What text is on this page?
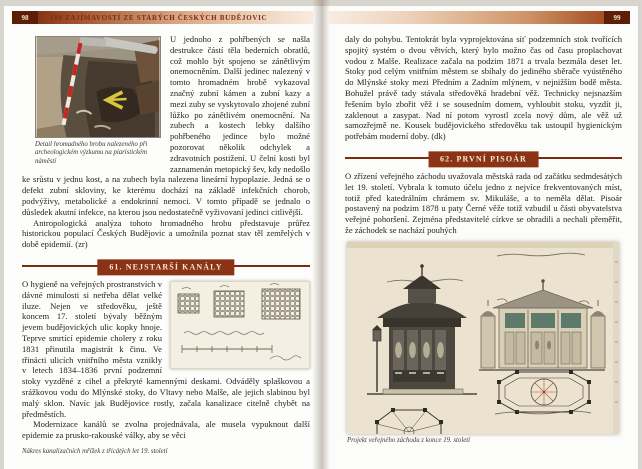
98	100 ZAJÍMAVOSTÍ ZE STARÝCH ČESKÝCH BUDĚJOVIC
Detail hromadného hrobu nalezeného při archeologickém výzkumu na piaristickém náměstí

U jednoho z pohřbených se našla destrukce částí těla bederních obratlů, což mohlo být spojeno se zánětlivým onemocněním. Další jedinec nalezený v tomto hromadném hrobě vykazoval značný zubní kámen a zubní kazy a mezi zuby se vyskytovalo zhojené zubní lůžko po zánětlivém onemocnění. Na zubech a kostech lebky dalšího pohřbeného jedince bylo možné pozorovat několik odchylek a zdravotních postižení. U čelní kosti byl zaznamenán metopický šev, kdy nedošlo ke srůstu v jednu kost, a na zubech byla nalezena lineární hypoplazie. Jedná se o defekt zubní skloviny, ke kterému dochází na základě infekčních chorob, podvýživy, metabolické a endokrinní nemoci. V tomto případě se jednalo o důsledek akutní infekce, na kterou jsou nedostatečně vyživovaní jedinci citlivější.

Antropologická analýza tohoto hromadného hrobu představuje průřez historickou populací Českých Budějovic a umožnila poznat stav těl zemřelých v době epidemií. (zr)

61. NEJSTARŠÍ KANÁLY

O hygieně na veřejných prostranstvích v dávné minulosti si netřeba dělat velké iluze. Nejen ve středověku, ještě koncem 17. století bývaly běžným jevem budějovických ulic kopky hnoje. Teprve smrtící epidemie cholery z roku 1831 přinutila magistrát k činu. Ve třinácti ulicích vnitřního města vznikly v letech 1834–1836 první podzemní stoky vyzděné z cihel a překryté kamennými deskami. Odváděly splaškovou a srážkovou vodu do Mlýnské stoky, do Vltavy nebo Malše, ale jejich slabinou byl malý sklon. Navíc jak Budějovice rostly, začala kanalizace citelně chybět na předměstích.

Modernizace kanálů se zvolna projednávala, ale musela vypuknout další epidemie za prusko-rakouské války, aby se věci

Nákres kanalizačních mřížek z třicátých let 19. století
99

daly do pohybu. Tentokrát byla vyprojektována síť podzemních stok tvořících spojitý systém o dvou větvích, který bylo možno čas od času proplachovat vodou z Malše. Realizace začala na podzim 1871 a trvala bezmála deset let. Stoky pod celým vnitřním městem se sbíhaly do jediného sběrače vyústěného do Mlýnské stoky mezi Předním a Zadním mlýnem, v nejnižším bodě města. Bohužel právě tady stávala středověká hradební věž. Technicky nejsnazším řešením bylo zbořit věž i se sousedním domem, vyhloubit stoku, vyzdít ji, zaklenout a zasypat. Nad ní potom vyrostl zcela nový dům, ale věž už samozřejmě ne. Kousek budějovického středověku tak ustoupil hygienickým potřebám moderní doby. (dk)

62. PRVNÍ PISOÁR

O zřízení veřejného záchodu uvažovala městská rada od začátku sedmdesátých let 19. století. Vybrala k tomuto účelu jedno z nejvíce frekventovaných míst, totiž před katedrálním chrámem sv. Mikuláše, a to neměla dělat. Pisoár postavený na podzim 1878 u paty Černé věže totiž vzbudil u části obyvatelstva veřejné pohoršení. Zejména představitelé církve se ohradili a nechali přeměřit, že záchodek se nachází pouhých

Projekt veřejného záchodu z konce 19. století
